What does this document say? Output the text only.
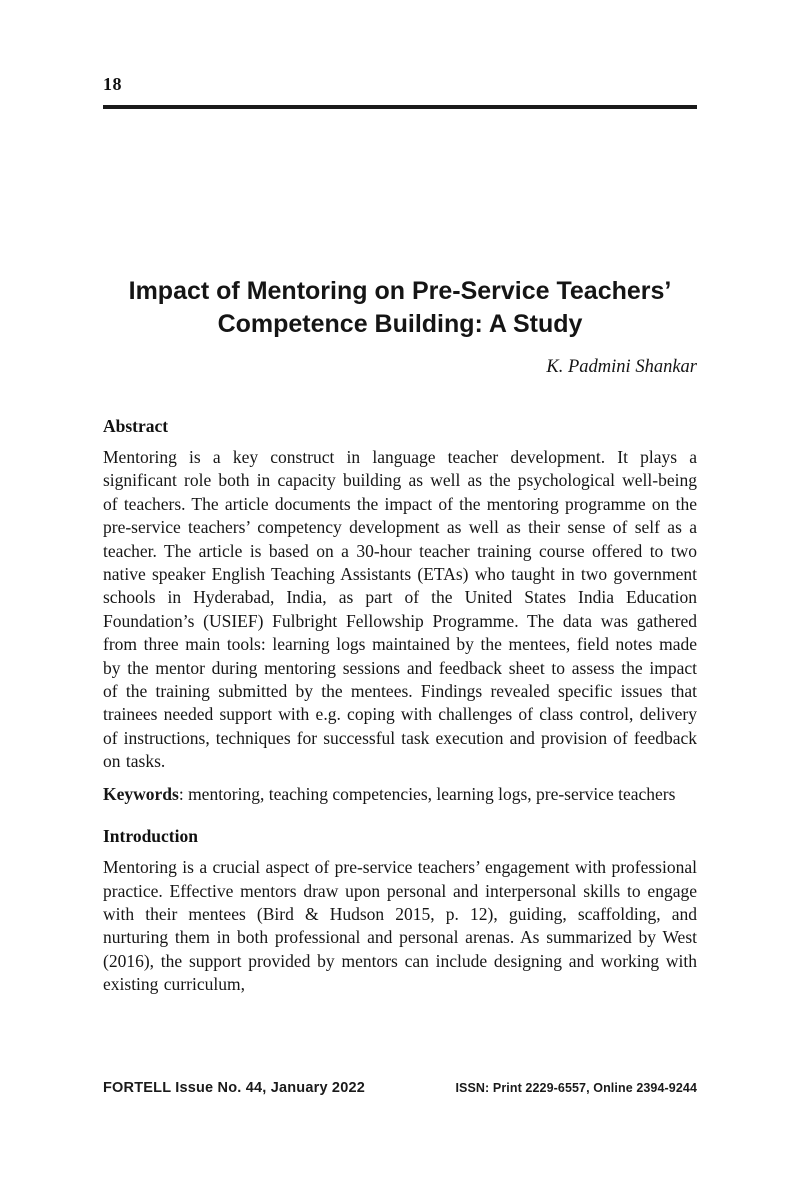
18
Impact of Mentoring on Pre-Service Teachers’
Competence Building: A Study
K. Padmini Shankar
Abstract

Mentoring is a key construct in language teacher development. It plays a significant role both in capacity building as well as the psychological well-being of teachers. The article documents the impact of the mentoring programme on the pre-service teachers’ competency development as well as their sense of self as a teacher. The article is based on a 30-hour teacher training course offered to two native speaker English Teaching Assistants (ETAs) who taught in two government schools in Hyderabad, India, as part of the United States India Education Foundation’s (USIEF) Fulbright Fellowship Programme. The data was gathered from three main tools: learning logs maintained by the mentees, field notes made by the mentor during mentoring sessions and feedback sheet to assess the impact of the training submitted by the mentees. Findings revealed specific issues that trainees needed support with e.g. coping with challenges of class control, delivery of instructions, techniques for successful task execution and provision of feedback on tasks.

Keywords: mentoring, teaching competencies, learning logs, pre-service teachers

Introduction

Mentoring is a crucial aspect of pre-service teachers’ engagement with professional practice. Effective mentors draw upon personal and interpersonal skills to engage with their mentees (Bird & Hudson 2015, p. 12), guiding, scaffolding, and nurturing them in both professional and personal arenas. As summarized by West (2016), the support provided by mentors can include designing and working with existing curriculum,

FORTELL Issue No. 44, January 2022	ISSN: Print 2229-6557, Online 2394-9244
